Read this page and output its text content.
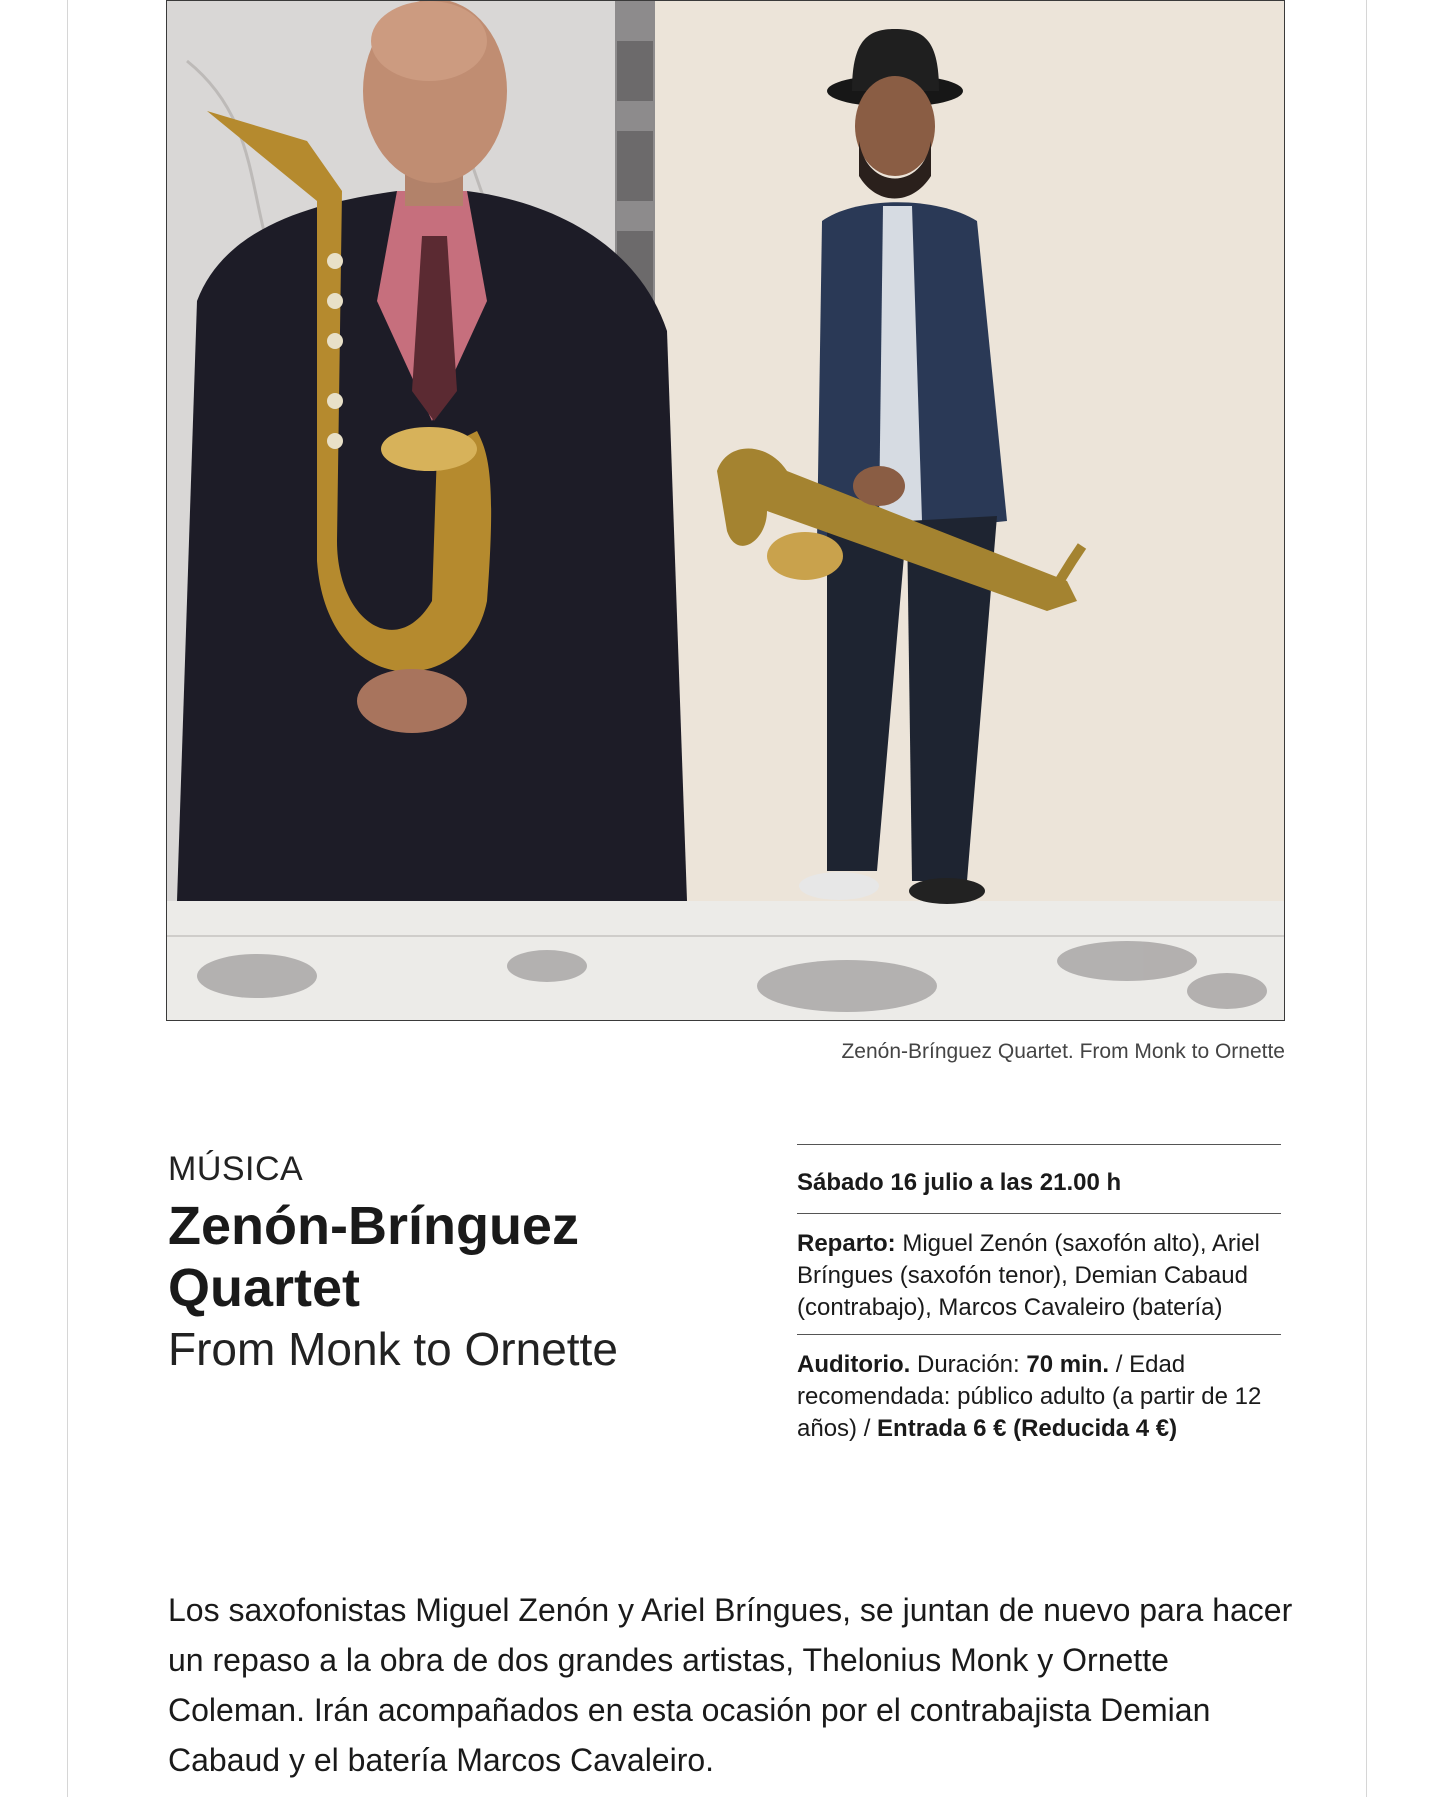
Zenón-Brínguez Quartet. From Monk to Ornette
MÚSICA
Zenón-Brínguez Quartet
From Monk to Ornette
Sábado 16 julio a las 21.00 h
Reparto: Miguel Zenón (saxofón alto), Ariel Bríngues (saxofón tenor), Demian Cabaud (contrabajo), Marcos Cavaleiro (batería)
Auditorio. Duración: 70 min. / Edad recomendada: público adulto (a partir de 12 años) / Entrada 6 € (Reducida 4 €)
Los saxofonistas Miguel Zenón y Ariel Bríngues, se juntan de nuevo para hacer un repaso a la obra de dos grandes artistas, Thelonius Monk y Ornette Coleman. Irán acompañados en esta ocasión por el contrabajista Demian Cabaud y el batería Marcos Cavaleiro.
